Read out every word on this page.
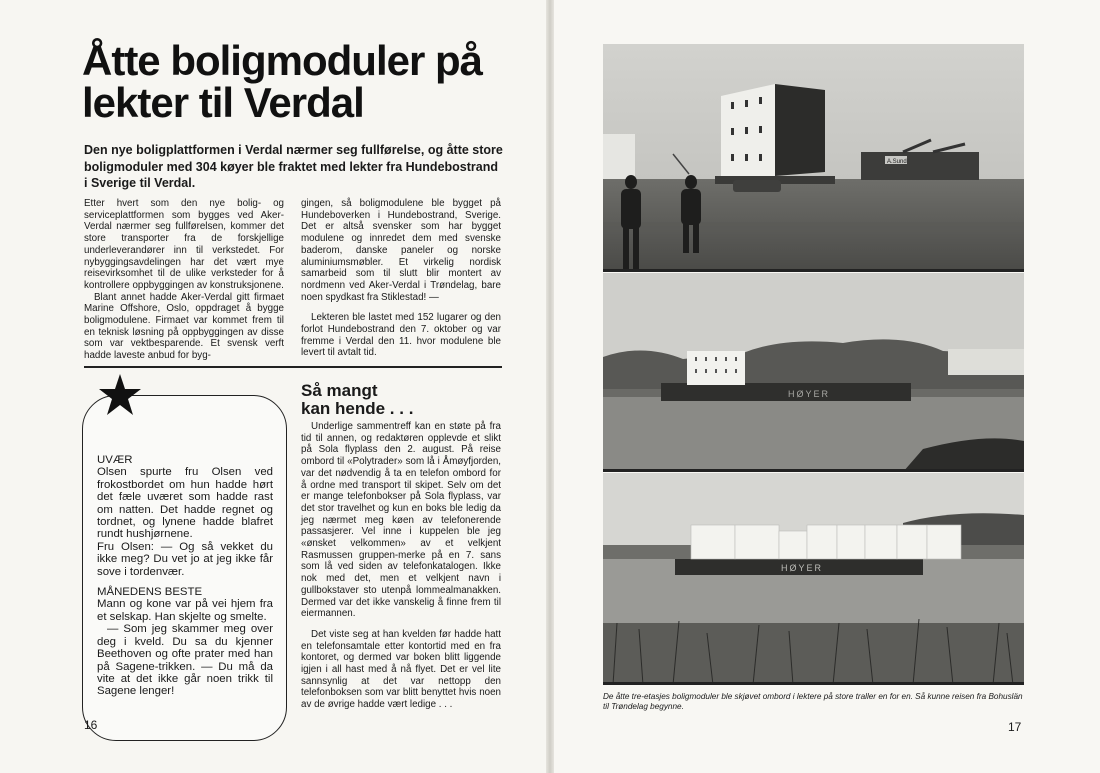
Åtte boligmoduler på
lekter til Verdal

Den nye boligplattformen i Verdal nærmer seg fullførelse, og åtte store boligmoduler med 304 køyer ble fraktet med lekter fra Hundebostrand i Sverige til Verdal.

Etter hvert som den nye bolig- og serviceplattformen som bygges ved Aker-Verdal nærmer seg fullførelsen, kommer det store transporter fra de forskjellige underleverandører inn til verkstedet. For nybyggingsavdelingen har det vært mye reisevirksomhet til de ulike verksteder for å kontrollere oppbyggingen av konstruksjonene.

Blant annet hadde Aker-Verdal gitt firmaet Marine Offshore, Oslo, oppdraget å bygge boligmodulene. Firmaet var kommet frem til en teknisk løsning på oppbyggingen av disse som var vektbesparende. Et svensk verft hadde laveste anbud for byg-

gingen, så boligmodulene ble bygget på Hundeboverken i Hundebostrand, Sverige. Det er altså svensker som har bygget modulene og innredet dem med svenske baderom, danske paneler og norske aluminiumsmøbler. Et virkelig nordisk samarbeid som til slutt blir montert av nordmenn ved Aker-Verdal i Trøndelag, bare noen spydkast fra Stiklestad! —

Lekteren ble lastet med 152 lugarer og den forlot Hundebostrand den 7. oktober og var fremme i Verdal den 11. hvor modulene ble levert til avtalt tid.

UVÆR

Olsen spurte fru Olsen ved frokostbordet om hun hadde hørt det fæle uværet som hadde rast om natten. Det hadde regnet og tordnet, og lynene hadde blafret rundt hushjørnene.

Fru Olsen: — Og så vekket du ikke meg? Du vet jo at jeg ikke får sove i tordenvær.

MÅNEDENS BESTE

Mann og kone var på vei hjem fra et selskap. Han skjelte og smelte.

— Som jeg skammer meg over deg i kveld. Du sa du kjenner Beethoven og ofte prater med han på Sagene-trikken. — Du må da vite at det ikke går noen trikk til Sagene lenger!

Så mangt
kan hende . . .

Underlige sammentreff kan en støte på fra tid til annen, og redaktøren opplevde et slikt på Sola flyplass den 2. august. På reise ombord til «Polytrader» som lå i Åmøyfjorden, var det nødvendig å ta en telefon ombord for å ordne med transport til skipet. Selv om det er mange telefonbokser på Sola flyplass, var det stor travelhet og kun en boks ble ledig da jeg nærmet meg køen av telefonerende passasjerer. Vel inne i kuppelen ble jeg «ønsket velkommen» av et velkjent Rasmussen gruppen-merke på en 7. sans som lå ved siden av telefonkatalogen. Ikke nok med det, men et velkjent navn i gullbokstaver sto utenpå lommealmanakken. Dermed var det ikke vanskelig å finne frem til eiermannen.

Det viste seg at han kvelden før hadde hatt en telefonsamtale etter kontortid med en fra kontoret, og dermed var boken blitt liggende igjen i all hast med å nå flyet. Det er vel lite sannsynlig at det var nettopp den telefonboksen som var blitt benyttet hvis noen av de øvrige hadde vært ledige . . .

16
A.Sund
HØYER
HØYER

De åtte tre-etasjes boligmoduler ble skjøvet ombord i lektere på store traller en for en. Så kunne reisen fra Bohuslän til Trøndelag begynne.

17
